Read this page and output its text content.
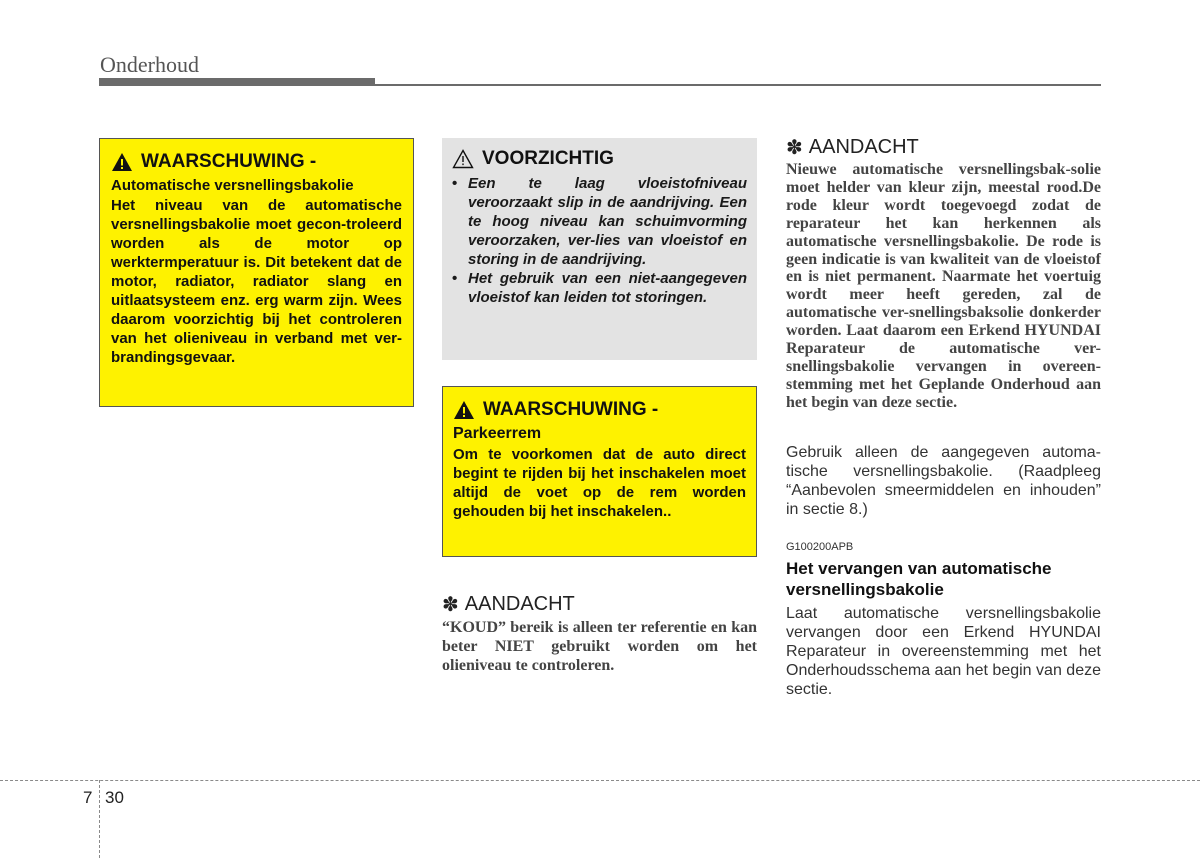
Onderhoud
WAARSCHUWING -
Automatische versnellingsbakolie
Het niveau van de automatische versnellingsbakolie moet gecon-troleerd worden als de motor op werktermperatuur is. Dit betekent dat de motor, radiator, radiator slang en uitlaatsysteem enz. erg warm zijn. Wees daarom voorzichtig bij het controleren van het olieniveau in verband met ver-brandingsgevaar.
VOORZICHTIG
• Een te laag vloeistofniveau veroorzaakt slip in de aandrijving. Een te hoog niveau kan schuimvorming veroorzaken, ver-lies van vloeistof en storing in de aandrijving.
• Het gebruik van een niet-aangegeven vloeistof kan leiden tot storingen.
WAARSCHUWING -
Parkeerrem
Om te voorkomen dat de auto direct begint te rijden bij het inschakelen moet altijd de voet op de rem worden gehouden bij het inschakelen..
✽ AANDACHT
“KOUD” bereik is alleen ter referentie en kan beter NIET gebruikt worden om het olieniveau te controleren.
✽ AANDACHT
Nieuwe automatische versnellingsbak-solie moet helder van kleur zijn, meestal rood.De rode kleur wordt toegevoegd zodat de reparateur het kan herkennen als automatische versnellingsbakolie. De rode is geen indicatie is van kwaliteit van de vloeistof en is niet permanent. Naarmate het voertuig wordt meer heeft gereden, zal de automatische ver-snellingsbaksolie donkerder worden. Laat daarom een Erkend HYUNDAI Reparateur de automatische ver-snellingsbakolie vervangen in overeen-stemming met het Geplande Onderhoud aan het begin van deze sectie.
Gebruik alleen de aangegeven automa-tische versnellingsbakolie. (Raadpleeg “Aanbevolen smeermiddelen en inhouden” in sectie 8.)
G100200APB
Het vervangen van automatische versnellingsbakolie
Laat automatische versnellingsbakolie vervangen door een Erkend HYUNDAI Reparateur in overeenstemming met het Onderhoudsschema aan het begin van deze sectie.
7 30
